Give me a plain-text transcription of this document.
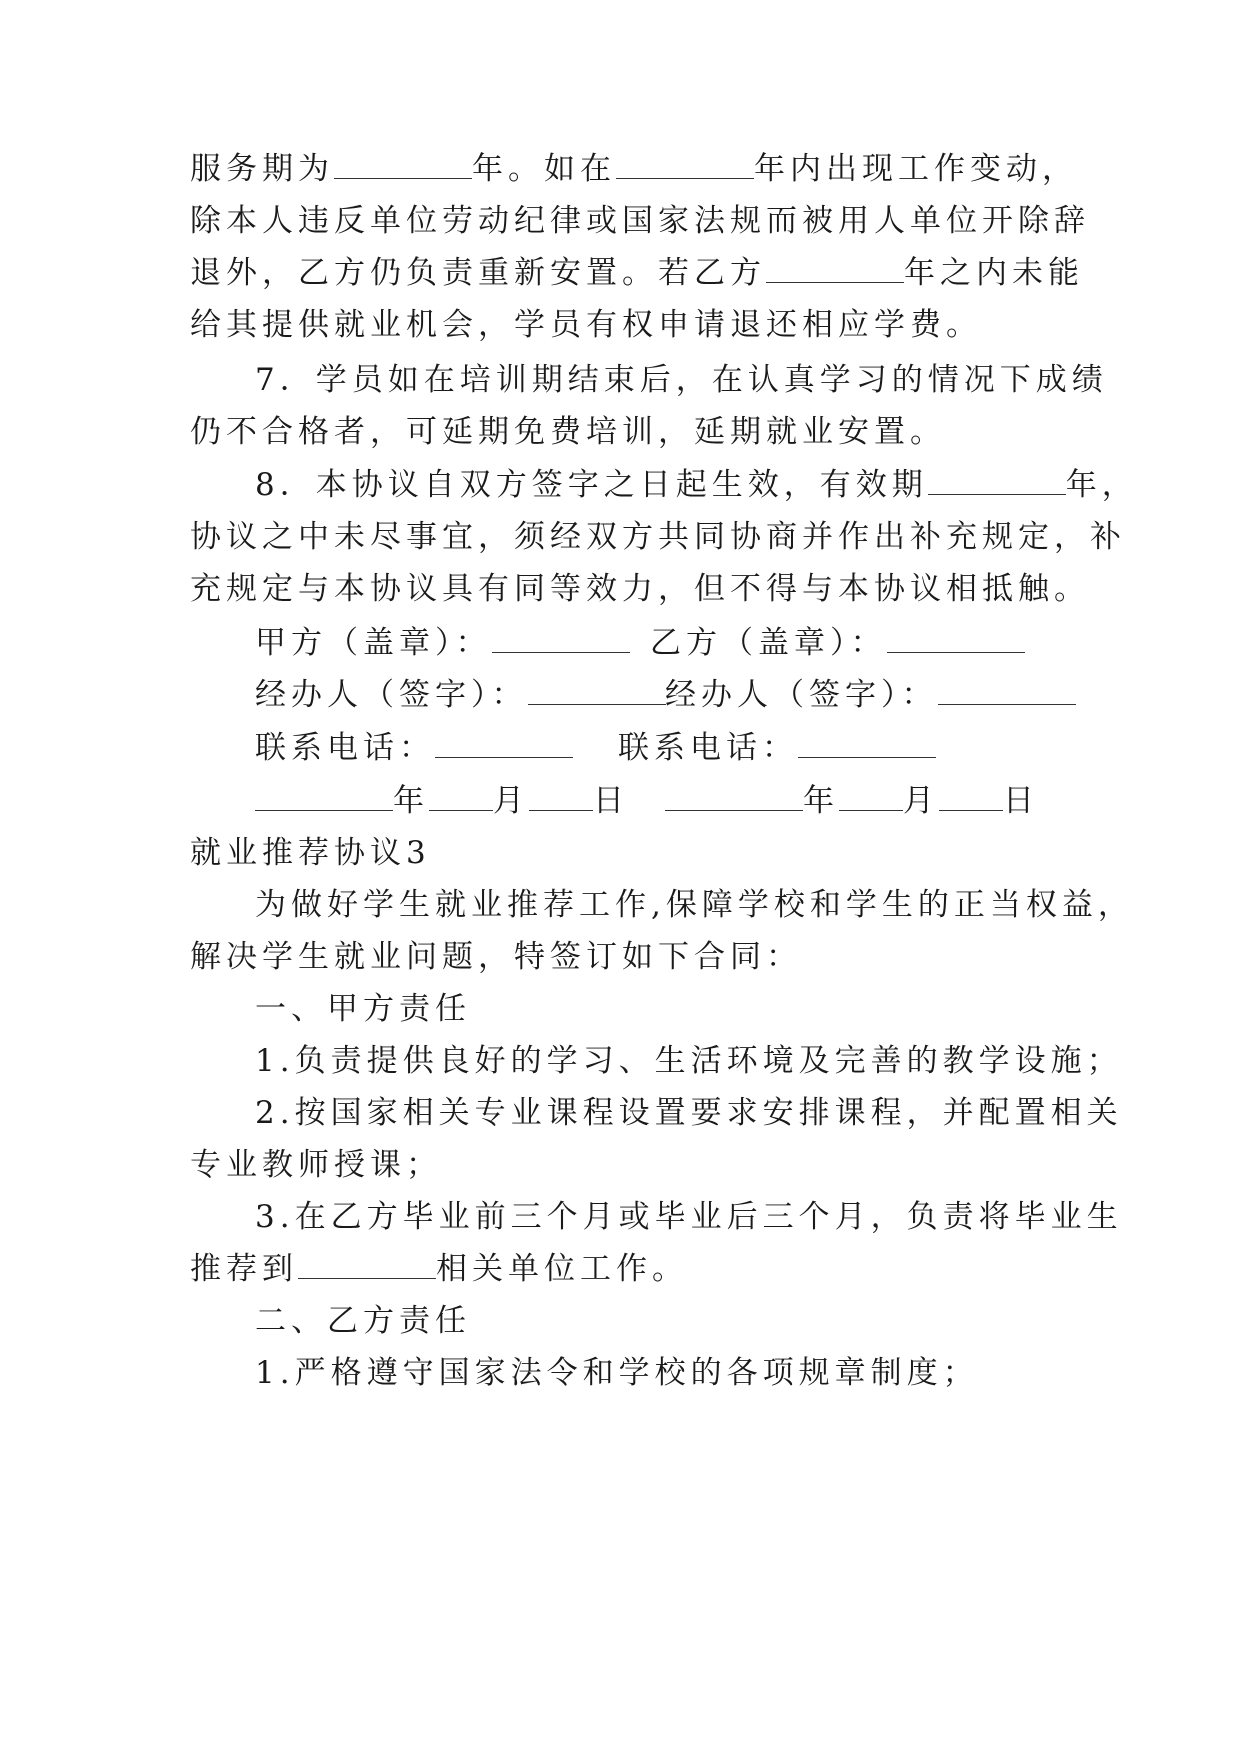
服务期为	年。如在	年内出现工作变动，
除本人违反单位劳动纪律或国家法规而被用人单位开除辞
退外，乙方仍负责重新安置。若乙方	年之内未能
给其提供就业机会，学员有权申请退还相应学费。
7．学员如在培训期结束后，在认真学习的情况下成绩
仍不合格者，可延期免费培训，延期就业安置。
8．本协议自双方签字之日起生效，有效期	年，
协议之中未尽事宜，须经双方共同协商并作出补充规定，补
充规定与本协议具有同等效力，但不得与本协议相抵触。
甲方（盖章）：	乙方（盖章）：
经办人（签字）：	经办人（签字）：
联系电话：	联系电话：
年 月 日	年 月 日
就业推荐协议3
为做好学生就业推荐工作,保障学校和学生的正当权益，
解决学生就业问题，特签订如下合同：
一、甲方责任
1.负责提供良好的学习、生活环境及完善的教学设施；
2.按国家相关专业课程设置要求安排课程，并配置相关
专业教师授课；
3.在乙方毕业前三个月或毕业后三个月，负责将毕业生
推荐到	相关单位工作。
二、乙方责任
1.严格遵守国家法令和学校的各项规章制度；
